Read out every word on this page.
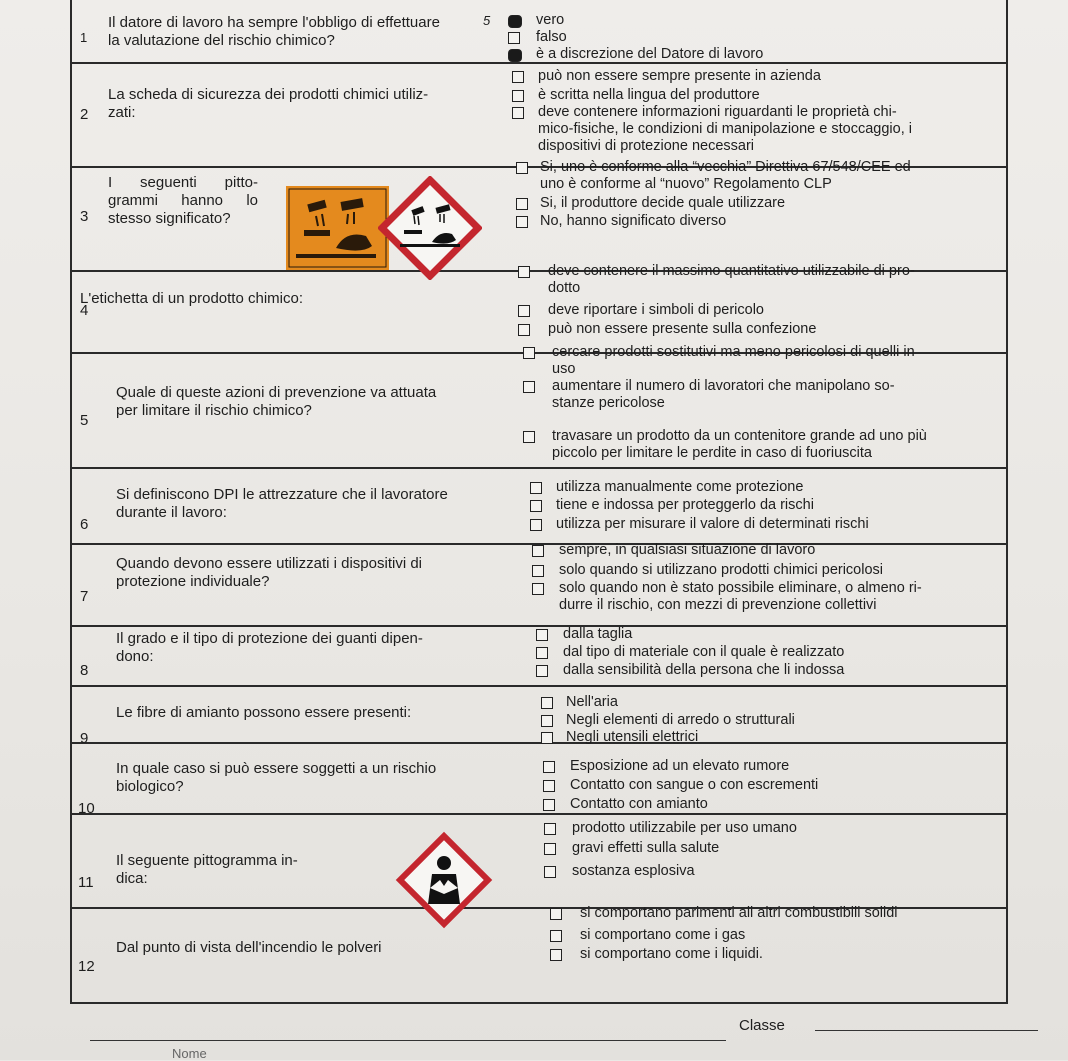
Classe
Nome
1
Il datore di lavoro ha sempre l'obbligo di effettuare
la valutazione del rischio chimico?
vero
falso
è a discrezione del Datore di lavoro
5
2
La scheda di sicurezza dei prodotti chimici utiliz-
zati:
può non essere sempre presente in azienda
è scritta nella lingua del produttore
deve contenere informazioni riguardanti le proprietà chi-
mico-fisiche, le condizioni di manipolazione e stoccaggio, i
dispositivi di protezione necessari
3
I seguenti pitto-
grammi hanno lo
stesso significato?
Si, uno è conforme alla “vecchia” Direttiva 67/548/CEE ed
uno è conforme al “nuovo” Regolamento CLP
Si, il produttore decide quale utilizzare
No, hanno significato diverso
4
L'etichetta di un prodotto chimico:
deve contenere il massimo quantitativo utilizzabile di pro-
dotto
deve riportare i simboli di pericolo
può non essere presente sulla confezione
5
Quale di queste azioni di prevenzione va attuata
per limitare il rischio chimico?
cercare prodotti sostitutivi ma meno pericolosi di quelli in
uso
aumentare il numero di lavoratori che manipolano so-
stanze pericolose
travasare un prodotto da un contenitore grande ad uno più
piccolo per limitare le perdite in caso di fuoriuscita
6
Si definiscono DPI le attrezzature che il lavoratore
durante il lavoro:
utilizza manualmente come protezione
tiene e indossa per proteggerlo da rischi
utilizza per misurare il valore di determinati rischi
7
Quando devono essere utilizzati i dispositivi di
protezione individuale?
sempre, in qualsiasi situazione di lavoro
solo quando si utilizzano prodotti chimici pericolosi
solo quando non è stato possibile eliminare, o almeno ri-
durre il rischio, con mezzi di prevenzione collettivi
8
Il grado e il tipo di protezione dei guanti dipen-
dono:
dalla taglia
dal tipo di materiale con il quale è realizzato
dalla sensibilità della persona che li indossa
9
Le fibre di amianto possono essere presenti:
Nell'aria
Negli elementi di arredo o strutturali
Negli utensili elettrici
10
In quale caso si può essere soggetti a un rischio
biologico?
Esposizione ad un elevato rumore
Contatto con sangue o con escrementi
Contatto con amianto
11
Il seguente pittogramma in-
dica:
prodotto utilizzabile per uso umano
gravi effetti sulla salute
sostanza esplosiva
12
Dal punto di vista dell'incendio le polveri
si comportano parimenti ali altri combustibili solidi
si comportano come i gas
si comportano come i liquidi.
